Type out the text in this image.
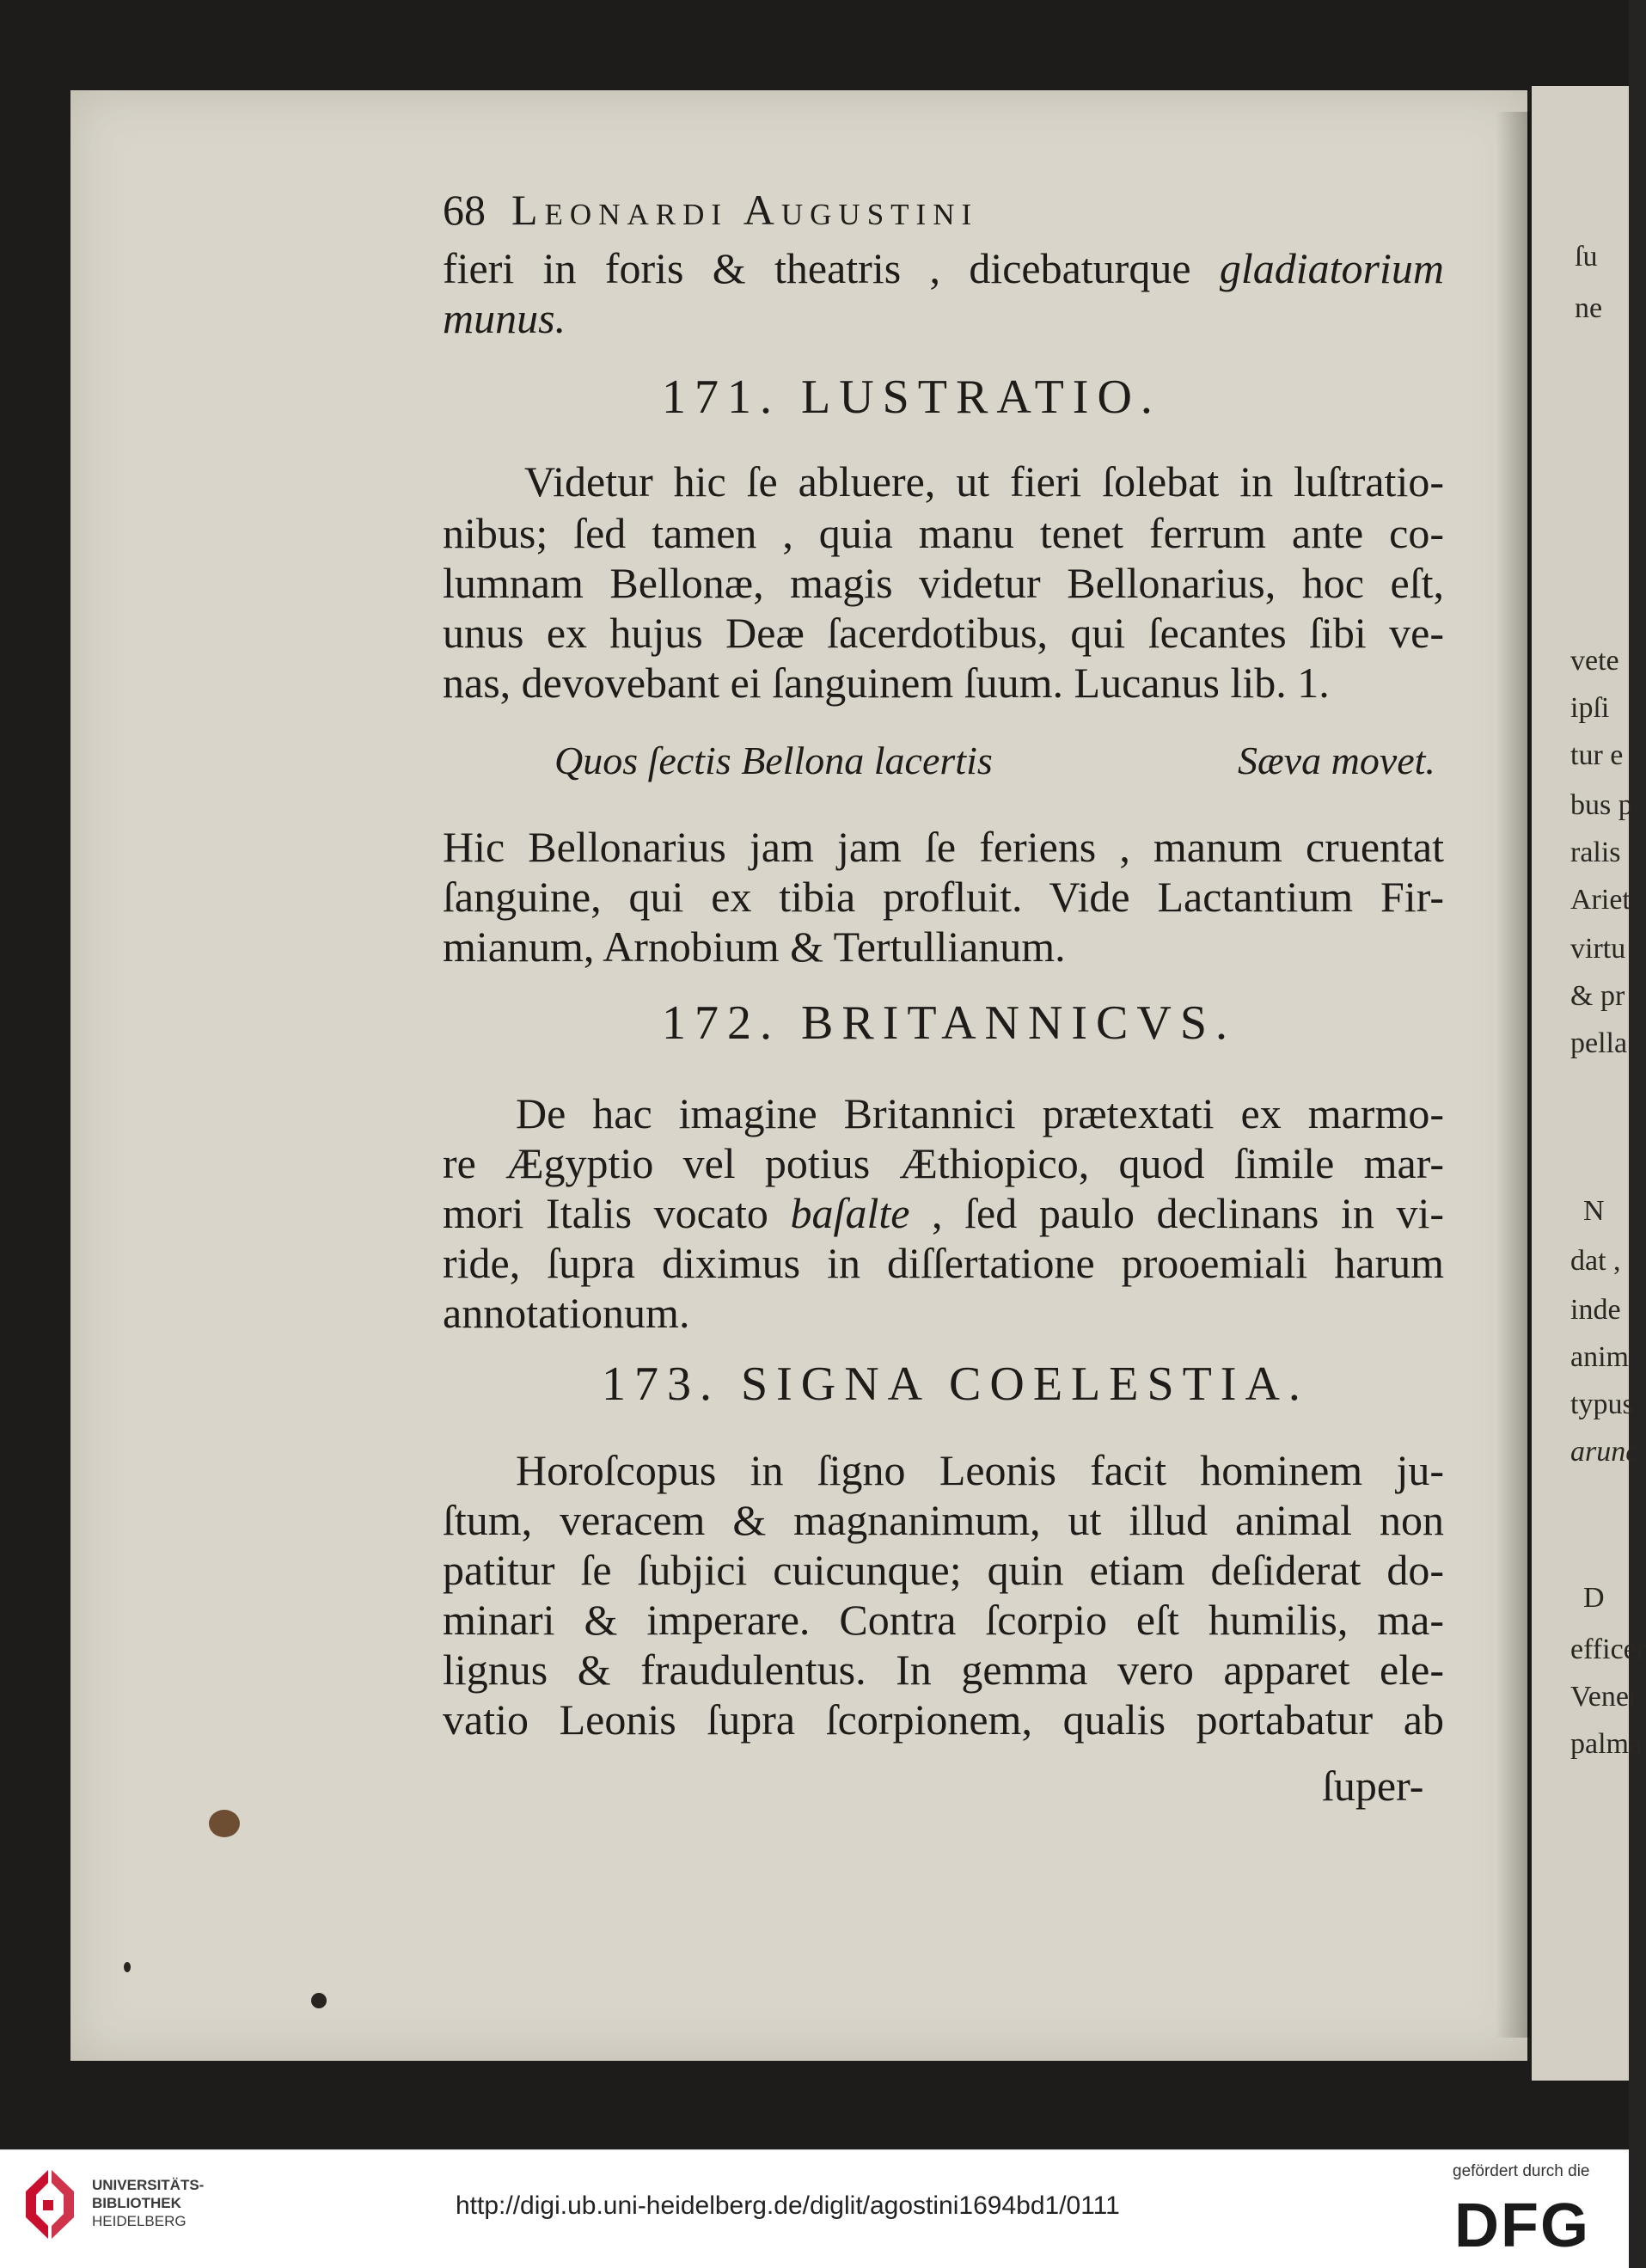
ſu
ne
vete
ipſi
tur e
bus p
ralis
Ariet
virtu
& pr
pella
N
dat ,
inde
anim
typus
arunc
D
efficer
Vener
palma
68 Leonardi Augustini
fieri in foris & theatris , dicebaturque gladiatorium
munus.
171. LUSTRATIO.
Videtur hic ſe abluere, ut fieri ſolebat in luſtratio-
nibus; ſed tamen , quia manu tenet ferrum ante co-
lumnam Bellonæ, magis videtur Bellonarius, hoc eſt,
unus ex hujus Deæ ſacerdotibus, qui ſecantes ſibi ve-
nas, devovebant ei ſanguinem ſuum. Lucanus lib. 1.
Quos ſectis Bellona lacertis	Sæva movet.
Hic Bellonarius jam jam ſe feriens , manum cruentat
ſanguine, qui ex tibia profluit. Vide Lactantium Fir-
mianum, Arnobium & Tertullianum.
172. BRITANNICVS.
De hac imagine Britannici prætextati ex marmo-
re Ægyptio vel potius Æthiopico, quod ſimile mar-
mori Italis vocato baſalte , ſed paulo declinans in vi-
ride, ſupra diximus in diſſertatione prooemiali harum
annotationum.
173. SIGNA COELESTIA.
Horoſcopus in ſigno Leonis facit hominem ju-
ſtum, veracem & magnanimum, ut illud animal non
patitur ſe ſubjici cuicunque; quin etiam deſiderat do-
minari & imperare. Contra ſcorpio eſt humilis, ma-
lignus & fraudulentus. In gemma vero apparet ele-
vatio Leonis ſupra ſcorpionem, qualis portabatur ab
ſuper-
UNIVERSITÄTS-
BIBLIOTHEK
HEIDELBERG
http://digi.ub.uni-heidelberg.de/diglit/agostini1694bd1/0111
gefördert durch die
DFG
